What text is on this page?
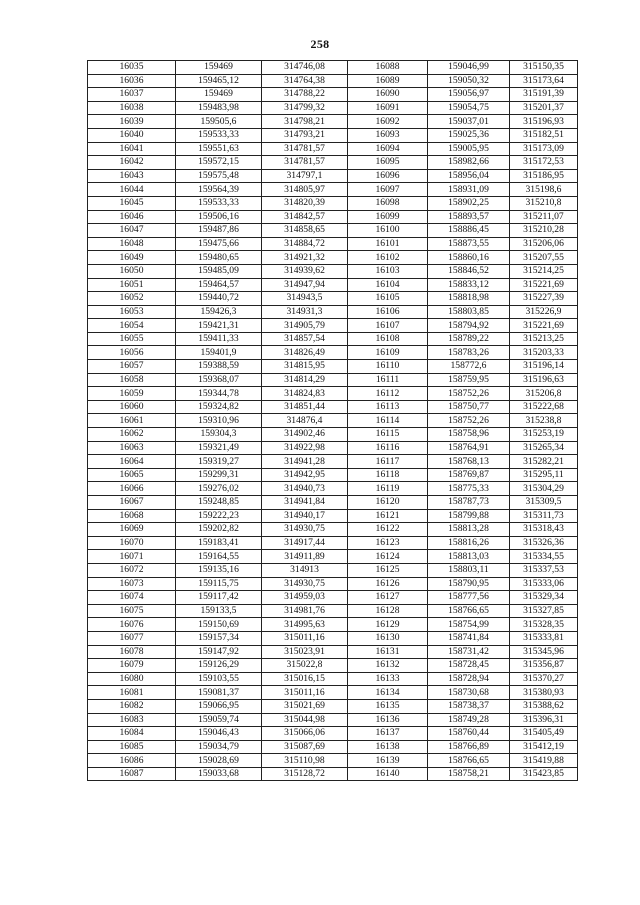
258
16035	159469	314746,08	16088	159046,99	315150,35
16036	159465,12	314764,38	16089	159050,32	315173,64
16037	159469	314788,22	16090	159056,97	315191,39
16038	159483,98	314799,32	16091	159054,75	315201,37
16039	159505,6	314798,21	16092	159037,01	315196,93
16040	159533,33	314793,21	16093	159025,36	315182,51
16041	159551,63	314781,57	16094	159005,95	315173,09
16042	159572,15	314781,57	16095	158982,66	315172,53
16043	159575,48	314797,1	16096	158956,04	315186,95
16044	159564,39	314805,97	16097	158931,09	315198,6
16045	159533,33	314820,39	16098	158902,25	315210,8
16046	159506,16	314842,57	16099	158893,57	315211,07
16047	159487,86	314858,65	16100	158886,45	315210,28
16048	159475,66	314884,72	16101	158873,55	315206,06
16049	159480,65	314921,32	16102	158860,16	315207,55
16050	159485,09	314939,62	16103	158846,52	315214,25
16051	159464,57	314947,94	16104	158833,12	315221,69
16052	159440,72	314943,5	16105	158818,98	315227,39
16053	159426,3	314931,3	16106	158803,85	315226,9
16054	159421,31	314905,79	16107	158794,92	315221,69
16055	159411,33	314857,54	16108	158789,22	315213,25
16056	159401,9	314826,49	16109	158783,26	315203,33
16057	159388,59	314815,95	16110	158772,6	315196,14
16058	159368,07	314814,29	16111	158759,95	315196,63
16059	159344,78	314824,83	16112	158752,26	315206,8
16060	159324,82	314851,44	16113	158750,77	315222,68
16061	159310,96	314876,4	16114	158752,26	315238,8
16062	159304,3	314902,46	16115	158758,96	315253,19
16063	159321,49	314922,98	16116	158764,91	315265,34
16064	159319,27	314941,28	16117	158768,13	315282,21
16065	159299,31	314942,95	16118	158769,87	315295,11
16066	159276,02	314940,73	16119	158775,33	315304,29
16067	159248,85	314941,84	16120	158787,73	315309,5
16068	159222,23	314940,17	16121	158799,88	315311,73
16069	159202,82	314930,75	16122	158813,28	315318,43
16070	159183,41	314917,44	16123	158816,26	315326,36
16071	159164,55	314911,89	16124	158813,03	315334,55
16072	159135,16	314913	16125	158803,11	315337,53
16073	159115,75	314930,75	16126	158790,95	315333,06
16074	159117,42	314959,03	16127	158777,56	315329,34
16075	159133,5	314981,76	16128	158766,65	315327,85
16076	159150,69	314995,63	16129	158754,99	315328,35
16077	159157,34	315011,16	16130	158741,84	315333,81
16078	159147,92	315023,91	16131	158731,42	315345,96
16079	159126,29	315022,8	16132	158728,45	315356,87
16080	159103,55	315016,15	16133	158728,94	315370,27
16081	159081,37	315011,16	16134	158730,68	315380,93
16082	159066,95	315021,69	16135	158738,37	315388,62
16083	159059,74	315044,98	16136	158749,28	315396,31
16084	159046,43	315066,06	16137	158760,44	315405,49
16085	159034,79	315087,69	16138	158766,89	315412,19
16086	159028,69	315110,98	16139	158766,65	315419,88
16087	159033,68	315128,72	16140	158758,21	315423,85
